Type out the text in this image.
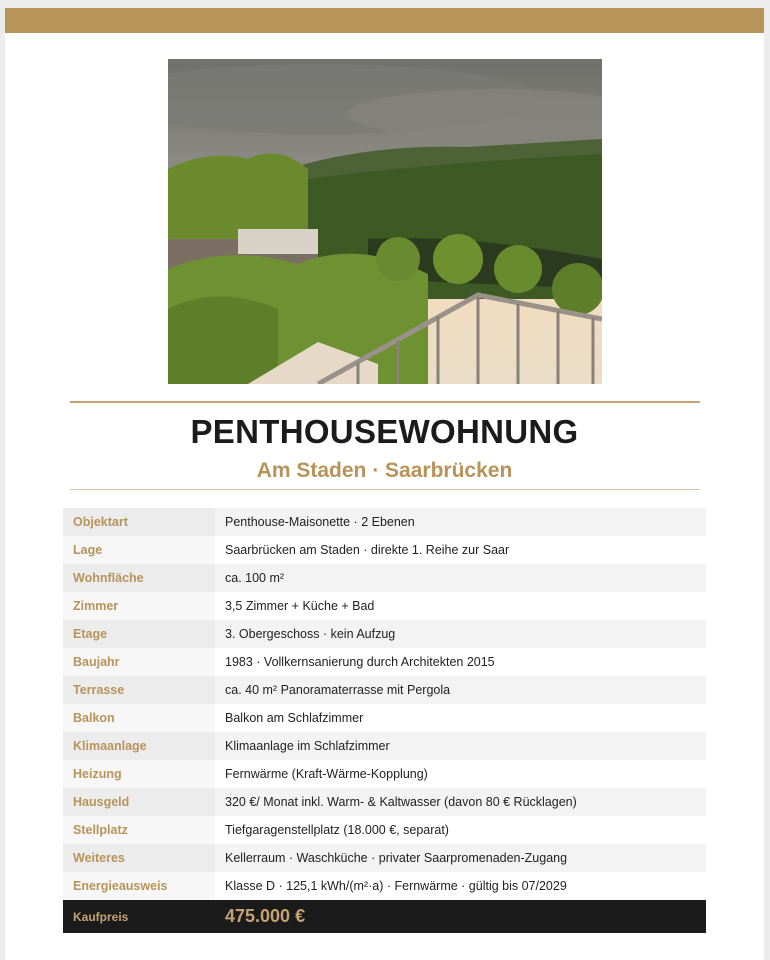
PENTHOUSEWOHNUNG
Am Staden · Saarbrücken
Objektart	Penthouse-Maisonette · 2 Ebenen
Lage	Saarbrücken am Staden · direkte 1. Reihe zur Saar
Wohnfläche	ca. 100 m²
Zimmer	3,5 Zimmer + Küche + Bad
Etage	3. Obergeschoss · kein Aufzug
Baujahr	1983 · Vollkernsanierung durch Architekten 2015
Terrasse	ca. 40 m² Panoramaterrasse mit Pergola
Balkon	Balkon am Schlafzimmer
Klimaanlage	Klimaanlage im Schlafzimmer
Heizung	Fernwärme (Kraft-Wärme-Kopplung)
Hausgeld	320 €/ Monat inkl. Warm- & Kaltwasser (davon 80 € Rücklagen)
Stellplatz	Tiefgaragenstellplatz (18.000 €, separat)
Weiteres	Kellerraum · Waschküche · privater Saarpromenaden-Zugang
Energieausweis	Klasse D · 125,1 kWh/(m²·a) · Fernwärme · gültig bis 07/2029
Kaufpreis	475.000 €
